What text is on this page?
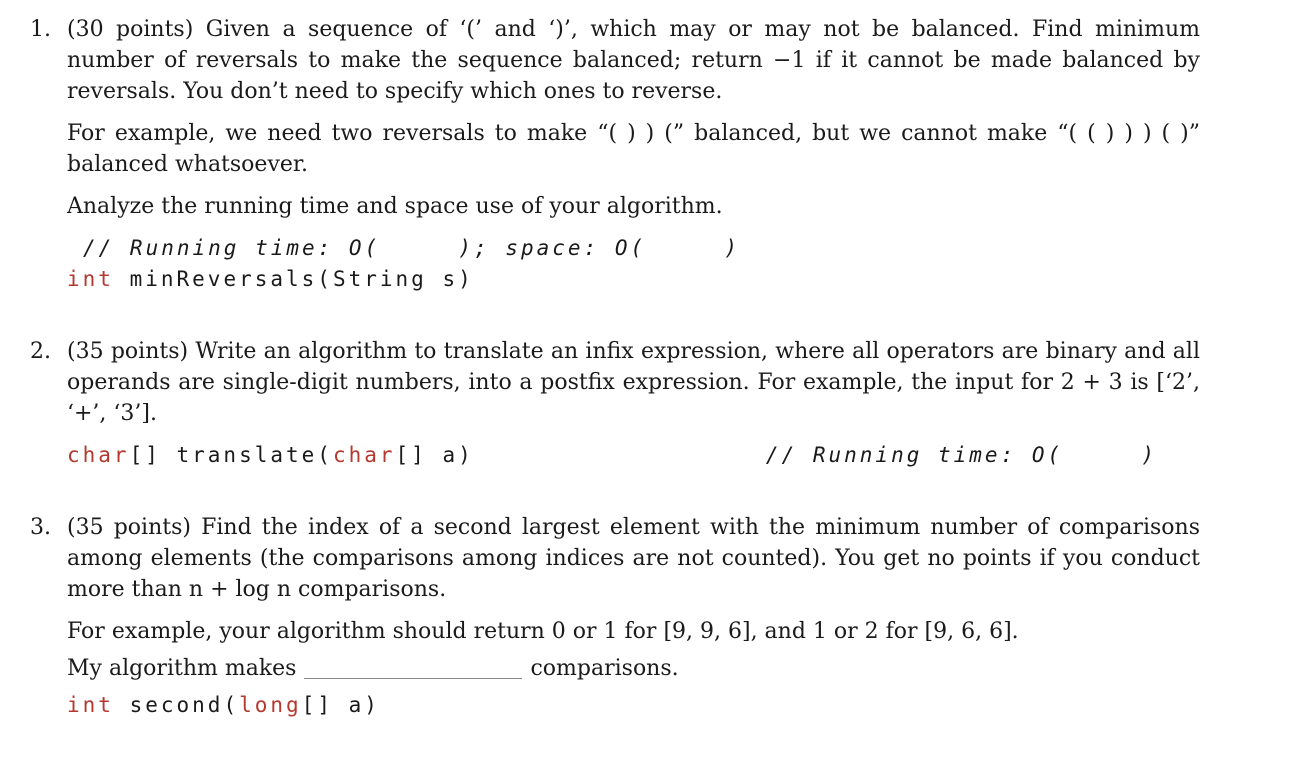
1. (30 points) Given a sequence of ‘(’ and ‘)’, which may or may not be balanced. Find minimum number of reversals to make the sequence balanced; return −1 if it cannot be made balanced by reversals. You don’t need to specify which ones to reverse.

For example, we need two reversals to make “( ) ) (” balanced, but we cannot make “( ( ) ) ) ( )” balanced whatsoever.

Analyze the running time and space use of your algorithm.

// Running time: O(     ); space: O(     )
int minReversals(String s)
2. (35 points) Write an algorithm to translate an infix expression, where all operators are binary and all operands are single-digit numbers, into a postfix expression. For example, the input for 2 + 3 is [‘2’, ‘+’, ‘3’].

char[] translate(char[] a)	// Running time: O(     )
3. (35 points) Find the index of a second largest element with the minimum number of comparisons among elements (the comparisons among indices are not counted). You get no points if you conduct more than n + log n comparisons.

For example, your algorithm should return 0 or 1 for [9, 9, 6], and 1 or 2 for [9, 6, 6].

My algorithm makes	comparisons.

int second(long[] a)
